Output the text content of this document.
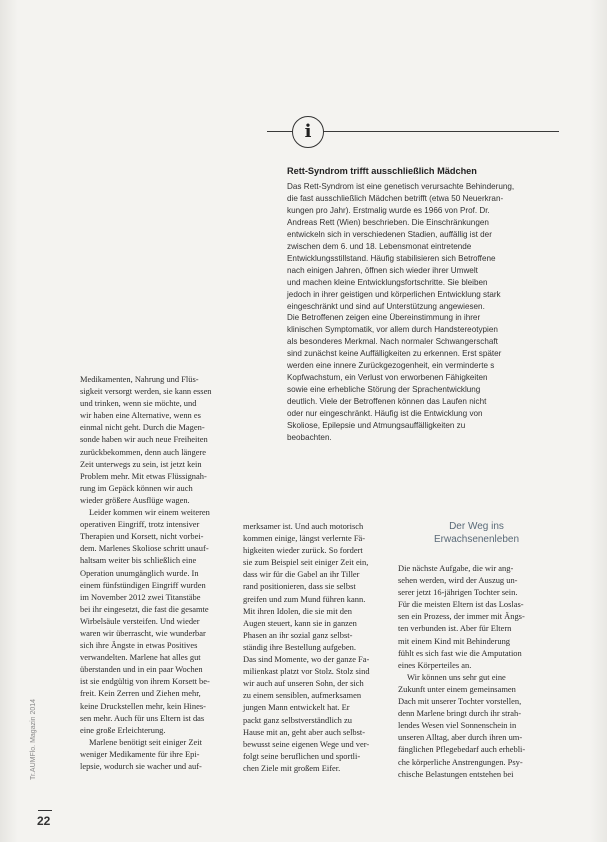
i
Rett-Syndrom trifft ausschließlich Mädchen
Das Rett-Syndrom ist eine genetisch verursachte Behinderung,
die fast ausschließlich Mädchen betrifft (etwa 50 Neuerkran-
kungen pro Jahr). Erstmalig wurde es 1966 von Prof. Dr.
Andreas Rett (Wien) beschrieben. Die Einschränkungen
entwickeln sich in verschiedenen Stadien, auffällig ist der
zwischen dem 6. und 18. Lebensmonat eintretende
Entwicklungsstillstand. Häufig stabilisieren sich Betroffene
nach einigen Jahren, öffnen sich wieder ihrer Umwelt
und machen kleine Entwicklungsfortschritte. Sie bleiben
jedoch in ihrer geistigen und körperlichen Entwicklung stark
eingeschränkt und sind auf Unterstützung angewiesen.
Die Betroffenen zeigen eine Übereinstimmung in ihrer
klinischen Symptomatik, vor allem durch Handstereotypien
als besonderes Merkmal. Nach normaler Schwangerschaft
sind zunächst keine Auffälligkeiten zu erkennen. Erst später
werden eine innere Zurückgezogenheit, ein verminderte s
Kopfwachstum, ein Verlust von erworbenen Fähigkeiten
sowie eine erhebliche Störung der Sprachentwicklung
deutlich. Viele der Betroffenen können das Laufen nicht
oder nur eingeschränkt. Häufig ist die Entwicklung von
Skoliose, Epilepsie und Atmungsauffälligkeiten zu
beobachten.
Medikamenten, Nahrung und Flüs-
sigkeit versorgt werden, sie kann essen
und trinken, wenn sie möchte, und
wir haben eine Alternative, wenn es
einmal nicht geht. Durch die Magen-
sonde haben wir auch neue Freiheiten
zurückbekommen, denn auch längere
Zeit unterwegs zu sein, ist jetzt kein
Problem mehr. Mit etwas Flüssignah-
rung im Gepäck können wir auch
wieder größere Ausflüge wagen.
Leider kommen wir einem weiteren
operativen Eingriff, trotz intensiver
Therapien und Korsett, nicht vorbei-
dem. Marlenes Skoliose schritt unauf-
haltsam weiter bis schließlich eine
Operation unumgänglich wurde. In
einem fünfstündigen Eingriff wurden
im November 2012 zwei Titanstäbe
bei ihr eingesetzt, die fast die gesamte
Wirbelsäule versteifen. Und wieder
waren wir überrascht, wie wunderbar
sich ihre Ängste in etwas Positives
verwandelten. Marlene hat alles gut
überstanden und in ein paar Wochen
ist sie endgültig von ihrem Korsett be-
freit. Kein Zerren und Ziehen mehr,
keine Druckstellen mehr, kein Hines-
sen mehr. Auch für uns Eltern ist das
eine große Erleichterung.
Marlene benötigt seit einiger Zeit
weniger Medikamente für ihre Epi-
lepsie, wodurch sie wacher und auf-
merksamer ist. Und auch motorisch
kommen einige, längst verlernte Fä-
higkeiten wieder zurück. So fordert
sie zum Beispiel seit einiger Zeit ein,
dass wir für die Gabel an ihr Tiller
rand positionieren, dass sie selbst
greifen und zum Mund führen kann.
Mit ihren Idolen, die sie mit den
Augen steuert, kann sie in ganzen
Phasen an ihr sozial ganz selbst-
ständig ihre Bestellung aufgeben.
Das sind Momente, wo der ganze Fa-
milienkast platzt vor Stolz. Stolz sind
wir auch auf unseren Sohn, der sich
zu einem sensiblen, aufmerksamen
jungen Mann entwickelt hat. Er
packt ganz selbstverständlich zu
Hause mit an, geht aber auch selbst-
bewusst seine eigenen Wege und ver-
folgt seine beruflichen und sportli-
chen Ziele mit großem Eifer.
Der Weg ins
Erwachsenenleben
Die nächste Aufgabe, die wir ang-
sehen werden, wird der Auszug un-
serer jetzt 16-jährigen Tochter sein.
Für die meisten Eltern ist das Loslas-
sen ein Prozess, der immer mit Ängs-
ten verbunden ist. Aber für Eltern
mit einem Kind mit Behinderung
fühlt es sich fast wie die Amputation
eines Körperteiles an.
Wir können uns sehr gut eine
Zukunft unter einem gemeinsamen
Dach mit unserer Tochter vorstellen,
denn Marlene bringt durch ihr strah-
lendes Wesen viel Sonnenschein in
unseren Alltag, aber durch ihren um-
fänglichen Pflegebedarf auch erhebli-
che körperliche Anstrengungen. Psy-
chische Belastungen entstehen bei
Tr.AUMFlo. Magazin 2014
22
